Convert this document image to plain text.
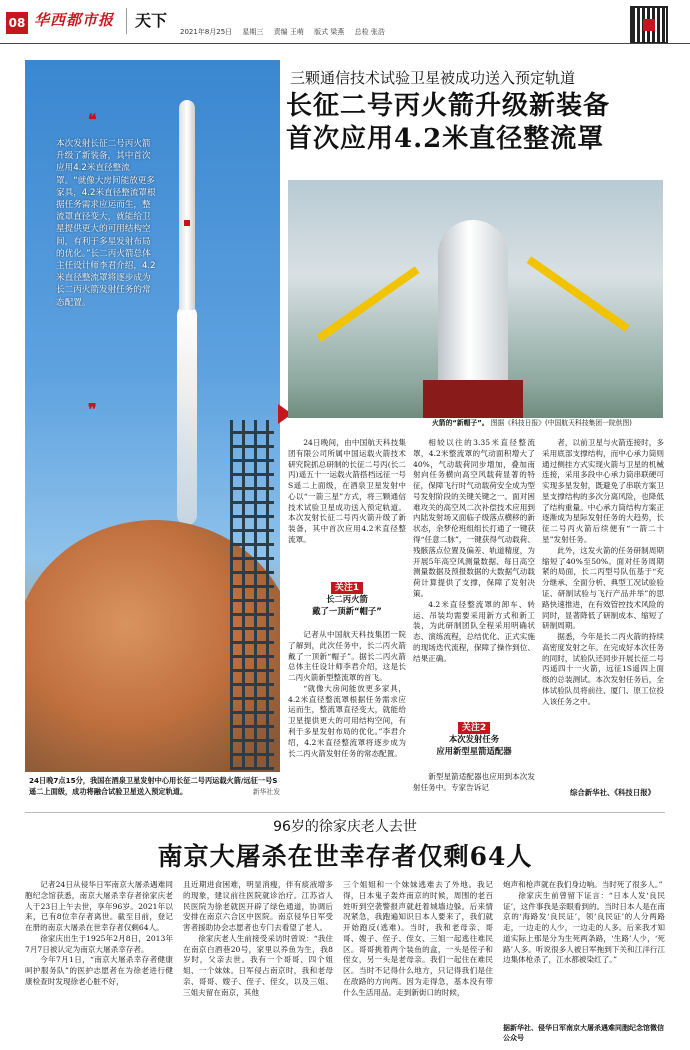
08 华西都市报	天下
2021年8月25日 星期三 责编 王萌 版式 梁燕 总检 张浩
❝
本次发射长征二号丙火箭升级了新装备，其中首次应用4.2米直径整流罩。“就像大房间能放更多家具，4.2米直径整流罩根据任务需求应运而生，整流罩直径变大，就能给卫星提供更大的可用结构空间，有利于多星发射布局的优化。”长二丙火箭总体主任设计师李君介绍，4.2米直径整流罩将逐步成为长二丙火箭发射任务的常态配置。
❞
24日晚7点15分，我国在酒泉卫星发射中心用长征二号丙运载火箭/远征一号S遥二上面级，成功将融合试验卫星送入预定轨道。	新华社发
三颗通信技术试验卫星被成功送入预定轨道
长征二号丙火箭升级新装备
首次应用4.2米直径整流罩
火箭的“新帽子”。 图据《科技日报》(中国航天科技集团一院供图)

24日晚间，由中国航天科技集团有限公司所属中国运载火箭技术研究院抓总研制的长征二号丙(长二丙)遥五十一运载火箭搭档远征一号S遥二上面级，在酒泉卫星发射中心以“一箭三星”方式，将三颗通信技术试验卫星成功送入预定轨道。本次发射长征二号丙火箭升级了新装备，其中首次应用4.2米直径整流罩。

关注1
长二丙火箭
戴了一顶新“帽子”

记者从中国航天科技集团一院了解到，此次任务中，长二丙火箭戴了一顶新“帽子”。据长二丙火箭总体主任设计师李君介绍，这是长二丙火箭新型整流罩的首飞。

“就像大房间能放更多家具，4.2米直径整流罩根据任务需求应运而生，整流罩直径变大，就能给卫星提供更大的可用结构空间，有利于多星发射布局的优化。”李君介绍，4.2米直径整流罩将逐步成为长二丙火箭发射任务的常态配置。

相较以往的3.35米直径整流罩，4.2米整流罩的气动面积增大了40%，气动载荷同步增加，叠加南射向任务横向高空风载荷显著的特征，保障飞行时气动载荷安全成为型号发射阶段的关键关键之一。面对困难攻关的高空风二次补偿技术应用到内陆发射场又面临子级落点横移的新状态，余梦伦班组组长打通了一键获得“任意二脉”，一键获得气动载荷、残骸落点位置及偏差、轨道精度，为开展5年高空风测量数据、每日高空测量数据及预报数据的大数据气动载荷计算提供了支撑，保障了发射决策。

4.2米直径整流罩的卸车、转运、吊装均需要采用新方式和新工装，为此研制团队全程采用明确状态、演练流程，总结优化、正式实施的现场迭代流程，保障了操作到位、结果正确。

关注2
本次发射任务
应用新型星箭适配器

新型星箭适配器也应用到本次发射任务中。专家告诉记

者，以前卫星与火箭连接时，多采用底部支撑结构，而中心承力筒则通过侧挂方式实现火箭与卫星的机械连接，采用多段中心承力筒串联硬可实现多星发射，既避免了串联方案卫星支撑结构的多次分离风险，也降低了结构重量。中心承力筒结构方案正逐渐成为星际发射任务的大趋势，长征二号丙火箭后续便有“一箭二十星”发射任务。

此外，这发火箭的任务研制周期缩短了40%至50%。面对任务周期紧的局面，长二丙型号队伍基于“充分继承、全面分析、典型工况试验验证、研制试验与飞行产品并举”的思路快速推进，在有效管控技术风险的同时，显著降低了研制成本、缩短了研制周期。

据悉，今年是长二丙火箭的持续高密度发射之年。在完成好本次任务的同时，试验队还同步开展长征二号丙遥四十一火箭，远征1S遥四上面级的总装测试。本次发射任务后，全体试验队员将前往、厦门、原工位投入该任务之中。

综合新华社、《科技日报》
96岁的徐家庆老人去世
南京大屠杀在世幸存者仅剩64人

记者24日从侵华日军南京大屠杀遇难同胞纪念馆获悉，南京大屠杀幸存者徐家庆老人于23日上午去世，享年96岁。2021年以来，已有8位幸存者离世。截至目前，登记在册的南京大屠杀在世幸存者仅剩64人。

徐家庆出生于1925年2月8日，2013年7月7日被认定为南京大屠杀幸存者。

今年7月1日，“南京大屠杀幸存者健康呵护服务队”的医护志愿者在为徐老进行健康检查时发现徐老心脏不好，

且近期进食困难，明显消瘦，伴有痰液增多的现象，建议前往医院就诊治疗。江苏省人民医院为徐老就医开辟了绿色通道，协调后安排在南京六合区中医院。南京侵华日军受害者援助协会志愿者也专门去看望了老人。

徐家庆老人生前接受采访时曾说：“我住在南京白酒巷20号，家里以养鱼为生，我8岁时，父亲去世。我有一个哥哥、四个姐姐、一个妹妹。日军侵占南京时，我和老母亲、哥哥、嫂子、侄子、侄女，以及三姐、三姐夫留在南京，其他

三个姐姐和一个妹妹逃难去了外地。我记得，日本鬼子轰炸南京的时候，周围的老百姓听到空袭警报声就赶着城墙边躲。后来情况紧急，我跑遍知识日本人要来了，我们就开始跑反(逃难)。当时，我和老母亲、哥哥、嫂子、侄子、侄女、三姐一起逃往难民区。哥哥挑着两个装鱼的盒，一头是侄子和侄女，另一头是老母亲。我们一起住在难民区。当时不记得什么地方，只记得我们是住在敌路的方向两。因为走得急，基本没有带什么生活用品。走到新街口的时候，

炮声和枪声就在我们身边响。当时死了很多人。”

徐家庆生前曾留下证言：“日本人发‘良民证’，这件事我是亲眼看到的。当时日本人是在南京的‘海路发‘良民证’，领‘良民证’的人分两路走，一边走的人少，一边走的人多。后来我才知道实际上那是分为生死两条路，‘生路’人少，‘死路’人多。听说很多人被日军拖到下关和江洋行江边集体枪杀了，江水都被染红了。”

据新华社、侵华日军南京大屠杀遇难同胞纪念馆微信公众号
